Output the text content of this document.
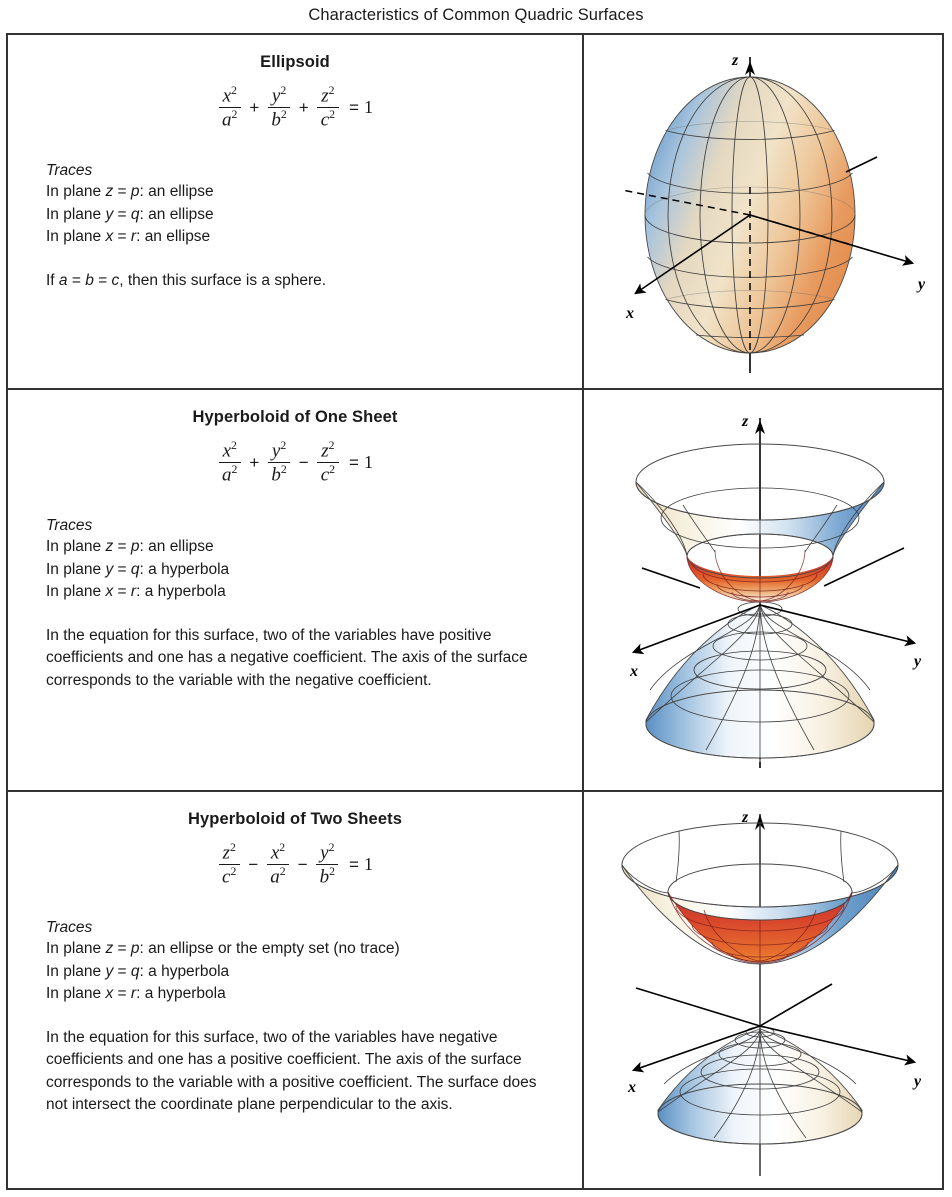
Characteristics of Common Quadric Surfaces
Ellipsoid
$\frac{x^2}{a^2} + \frac{y^2}{b^2} + \frac{z^2}{c^2} = 1$
Traces
In plane z = p: an ellipse
In plane y = q: an ellipse
In plane x = r: an ellipse
If a = b = c, then this surface is a sphere.
z
y
x
Hyperboloid of One Sheet
$\frac{x^2}{a^2} + \frac{y^2}{b^2} - \frac{z^2}{c^2} = 1$
Traces
In plane z = p: an ellipse
In plane y = q: a hyperbola
In plane x = r: a hyperbola
In the equation for this surface, two of the variables have positive coefficients and one has a negative coefficient. The axis of the surface corresponds to the variable with the negative coefficient.
z
y
x
Hyperboloid of Two Sheets
$\frac{z^2}{c^2} - \frac{x^2}{a^2} - \frac{y^2}{b^2} = 1$
Traces
In plane z = p: an ellipse or the empty set (no trace)
In plane y = q: a hyperbola
In plane x = r: a hyperbola
In the equation for this surface, two of the variables have negative coefficients and one has a positive coefficient. The axis of the surface corresponds to the variable with a positive coefficient. The surface does not intersect the coordinate plane perpendicular to the axis.
z
y
x
